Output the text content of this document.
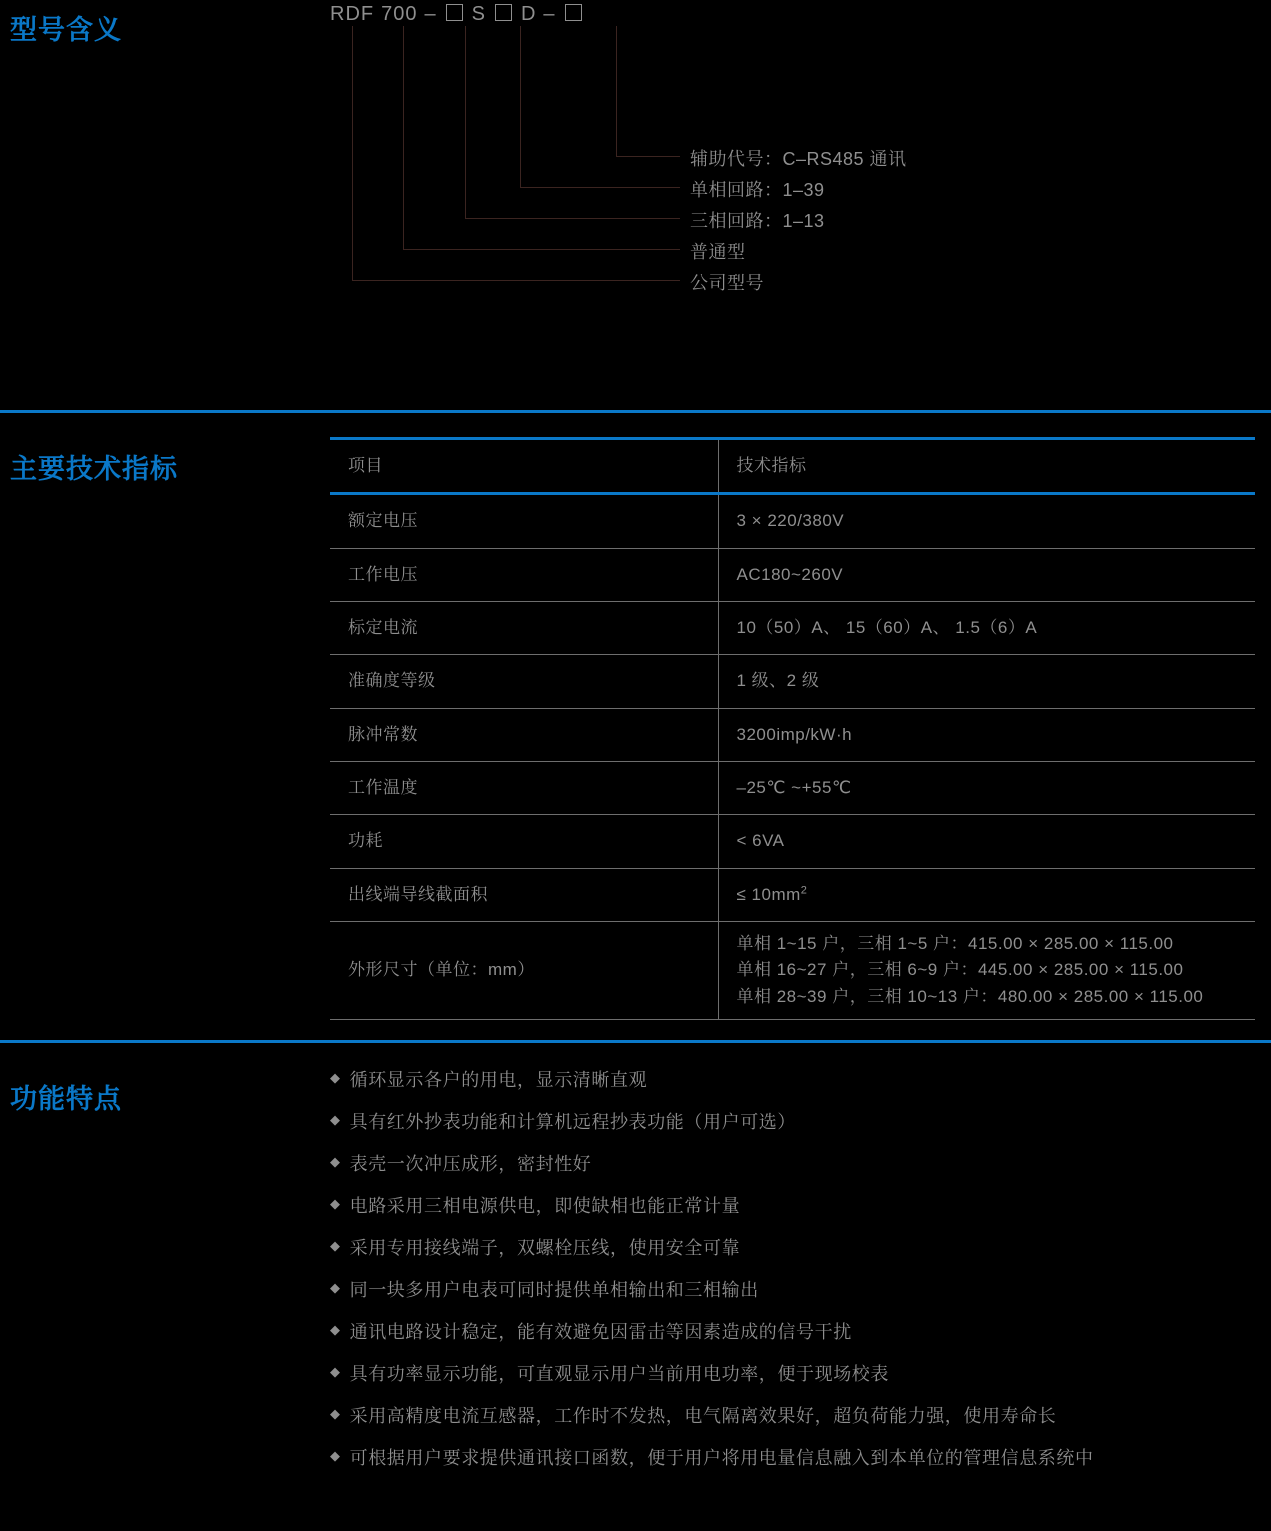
型号含义
RDF 700 – S D –
辅助代号：C–RS485 通讯
单相回路：1–39
三相回路：1–13
普通型
公司型号
主要技术指标	项目	技术指标
额定电压	3 × 220/380V
工作电压	AC180~260V
标定电流	10（50）A、 15（60）A、 1.5（6）A
准确度等级	1 级、2 级
脉冲常数	3200imp/kW·h
工作温度	–25℃ ~+55℃
功耗	< 6VA
出线端导线截面积	≤ $10mm^2$
外形尺寸（单位：mm）	单相 1~15 户，三相 1~5 户：415.00 × 285.00 × 115.00
单相 16~27 户，三相 6~9 户：445.00 × 285.00 × 115.00
单相 28~39 户，三相 10~13 户：480.00 × 285.00 × 115.00
功能特点
◆ 循环显示各户的用电，显示清晰直观
◆ 具有红外抄表功能和计算机远程抄表功能（用户可选）
◆ 表壳一次冲压成形，密封性好
◆ 电路采用三相电源供电，即使缺相也能正常计量
◆ 采用专用接线端子，双螺栓压线，使用安全可靠
◆ 同一块多用户电表可同时提供单相输出和三相输出
◆ 通讯电路设计稳定，能有效避免因雷击等因素造成的信号干扰
◆ 具有功率显示功能，可直观显示用户当前用电功率，便于现场校表
◆ 采用高精度电流互感器，工作时不发热，电气隔离效果好，超负荷能力强，使用寿命长
◆ 可根据用户要求提供通讯接口函数，便于用户将用电量信息融入到本单位的管理信息系统中
